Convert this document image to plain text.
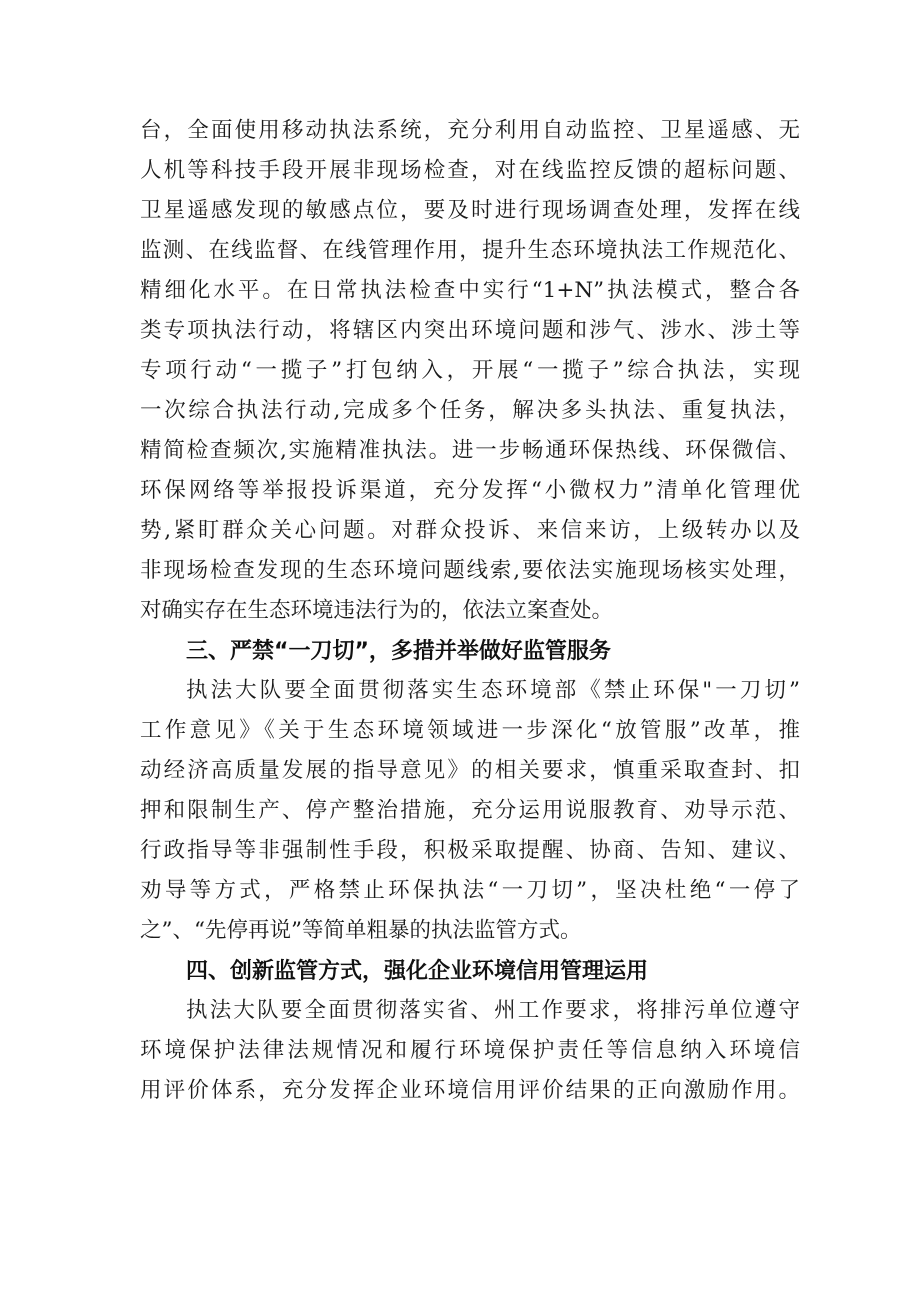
台，全面使用移动执法系统，充分利用自动监控、卫星遥感、无
人机等科技手段开展非现场检查，对在线监控反馈的超标问题、
卫星遥感发现的敏感点位，要及时进行现场调查处理，发挥在线
监测、在线监督、在线管理作用，提升生态环境执法工作规范化、
精细化水平。在日常执法检查中实行“1+N”执法模式，整合各
类专项执法行动，将辖区内突出环境问题和涉气、涉水、涉土等
专项行动“一揽子”打包纳入，开展“一揽子”综合执法，实现
一次综合执法行动,完成多个任务，解决多头执法、重复执法，
精简检查频次,实施精准执法。进一步畅通环保热线、环保微信、
环保网络等举报投诉渠道，充分发挥“小微权力”清单化管理优
势,紧盯群众关心问题。对群众投诉、来信来访，上级转办以及
非现场检查发现的生态环境问题线索,要依法实施现场核实处理，
对确实存在生态环境违法行为的，依法立案查处。
三、严禁“一刀切”，多措并举做好监管服务
执法大队要全面贯彻落实生态环境部《禁止环保"一刀切”
工作意见》《关于生态环境领域进一步深化“放管服”改革，推
动经济高质量发展的指导意见》的相关要求，慎重采取查封、扣
押和限制生产、停产整治措施，充分运用说服教育、劝导示范、
行政指导等非强制性手段，积极采取提醒、协商、告知、建议、
劝导等方式，严格禁止环保执法“一刀切”，坚决杜绝“一停了
之”、“先停再说”等简单粗暴的执法监管方式。
四、创新监管方式，强化企业环境信用管理运用
执法大队要全面贯彻落实省、州工作要求，将排污单位遵守
环境保护法律法规情况和履行环境保护责任等信息纳入环境信
用评价体系，充分发挥企业环境信用评价结果的正向激励作用。
